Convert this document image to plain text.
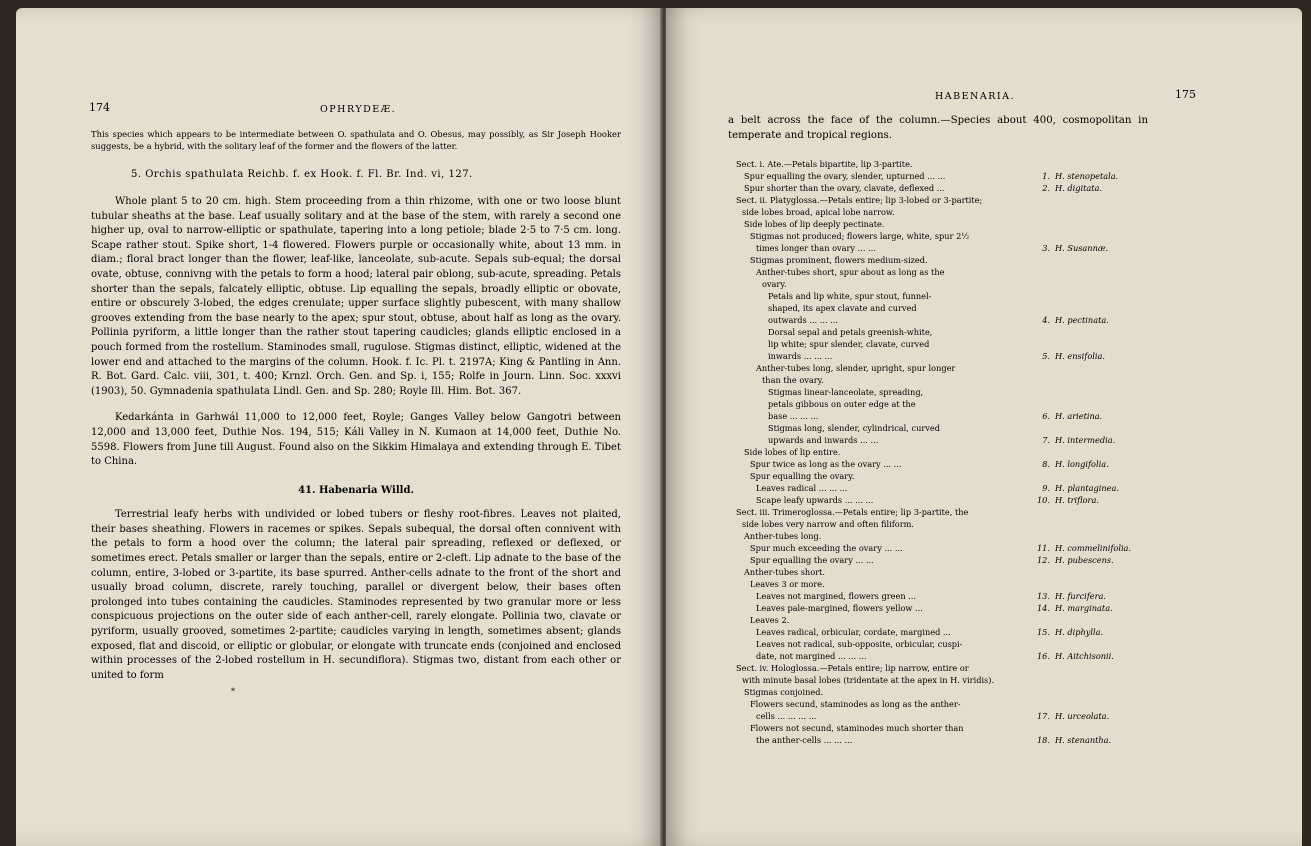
174	OPHRYDEÆ.

This species which appears to be intermediate between O. spathulata and O. Obesus, may possibly, as Sir Joseph Hooker suggests, be a hybrid, with the solitary leaf of the former and the flowers of the latter.

5. Orchis spathulata Reichb. f. ex Hook. f. Fl. Br. Ind. vi, 127.

Whole plant 5 to 20 cm. high. Stem proceeding from a thin rhizome, with one or two loose blunt tubular sheaths at the base. Leaf usually solitary and at the base of the stem, with rarely a second one higher up, oval to narrow-elliptic or spathulate, tapering into a long petiole; blade 2·5 to 7·5 cm. long. Scape rather stout. Spike short, 1-4 flowered. Flowers purple or occasionally white, about 13 mm. in diam.; floral bract longer than the flower, leaf-like, lanceolate, sub-acute. Sepals sub-equal; the dorsal ovate, obtuse, connivng with the petals to form a hood; lateral pair oblong, sub-acute, spreading. Petals shorter than the sepals, falcately elliptic, obtuse. Lip equalling the sepals, broadly elliptic or obovate, entire or obscurely 3-lobed, the edges crenulate; upper surface slightly pubescent, with many shallow grooves extending from the base nearly to the apex; spur stout, obtuse, about half as long as the ovary. Pollinia pyriform, a little longer than the rather stout tapering caudicles; glands elliptic enclosed in a pouch formed from the rostellum. Staminodes small, rugulose. Stigmas distinct, elliptic, widened at the lower end and attached to the margins of the column. Hook. f. Ic. Pl. t. 2197A; King & Pantling in Ann. R. Bot. Gard. Calc. viii, 301, t. 400; Krnzl. Orch. Gen. and Sp. i, 155; Rolfe in Journ. Linn. Soc. xxxvi (1903), 50. Gymnadenia spathulata Lindl. Gen. and Sp. 280; Royle Ill. Him. Bot. 367.

Kedarkánta in Garhwál 11,000 to 12,000 feet, Royle; Ganges Valley below Gangotri between 12,000 and 13,000 feet, Duthie Nos. 194, 515; Káli Valley in N. Kumaon at 14,000 feet, Duthie No. 5598. Flowers from June till August. Found also on the Sikkim Himalaya and extending through E. Tibet to China.

41. Habenaria Willd.

Terrestrial leafy herbs with undivided or lobed tubers or fleshy root-fibres. Leaves not plaited, their bases sheathing. Flowers in racemes or spikes. Sepals subequal, the dorsal often connivent with the petals to form a hood over the column; the lateral pair spreading, reflexed or deflexed, or sometimes erect. Petals smaller or larger than the sepals, entire or 2-cleft. Lip adnate to the base of the column, entire, 3-lobed or 3-partite, its base spurred. Anther-cells adnate to the front of the short and usually broad column, discrete, rarely touching, parallel or divergent below, their bases often prolonged into tubes containing the caudicles. Staminodes represented by two granular more or less conspicuous projections on the outer side of each anther-cell, rarely elongate. Pollinia two, clavate or pyriform, usually grooved, sometimes 2-partite; caudicles varying in length, sometimes absent; glands exposed, flat and discoid, or elliptic or globular, or elongate with truncate ends (conjoined and enclosed within processes of the 2-lobed rostellum in H. secundiflora). Stigmas two, distant from each other or united to form

*

HABENARIA.	175

a belt across the face of the column.—Species about 400, cosmopolitan in temperate and tropical regions.

Sect. i. Ate.—Petals bipartite, lip 3-partite.
Spur equalling the ovary, slender, upturned ... ...	1. H. stenopetala.
Spur shorter than the ovary, clavate, deflexed ...	2. H. digitata.
Sect. ii. Platyglossa.—Petals entire; lip 3-lobed or 3-partite;
side lobes broad, apical lobe narrow.
Side lobes of lip deeply pectinate.
Stigmas not produced; flowers large, white, spur 2½
times longer than ovary ... ...	3. H. Susannæ.
Stigmas prominent, flowers medium-sized.
Anther-tubes short, spur about as long as the
ovary.
Petals and lip white, spur stout, funnel-
shaped, its apex clavate and curved
outwards ... ... ...	4. H. pectinata.
Dorsal sepal and petals greenish-white,
lip white; spur slender, clavate, curved
inwards ... ... ...	5. H. ensifolia.
Anther-tubes long, slender, upright, spur longer
than the ovary.
Stigmas linear-lanceolate, spreading,
petals gibbous on outer edge at the
base ... ... ...	6. H. arietina.
Stigmas long, slender, cylindrical, curved
upwards and inwards ... ...	7. H. intermedia.
Side lobes of lip entire.
Spur twice as long as the ovary ... ...	8. H. longifolia.
Spur equalling the ovary.
Leaves radical ... ... ...	9. H. plantaginea.
Scape leafy upwards ... ... ...	10. H. triflora.
Sect. iii. Trimeroglossa.—Petals entire; lip 3-partite, the
side lobes very narrow and often filiform.
Anther-tubes long.
Spur much exceeding the ovary ... ...	11. H. commelinifolia.
Spur equalling the ovary ... ...	12. H. pubescens.
Anther-tubes short.
Leaves 3 or more.
Leaves not margined, flowers green ...	13. H. furcifera.
Leaves pale-margined, flowers yellow ...	14. H. marginata.
Leaves 2.
Leaves radical, orbicular, cordate, margined ...	15. H. diphylla.
Leaves not radical, sub-opposite, orbicular, cuspi-
date, not margined ... ... ...	16. H. Aitchisonii.
Sect. iv. Hologlossa.—Petals entire; lip narrow, entire or
with minute basal lobes (tridentate at the apex in H. viridis).
Stigmas conjoined.
Flowers secund, staminodes as long as the anther-
cells ... ... ... ...	17. H. urceolata.
Flowers not secund, staminodes much shorter than
the anther-cells ... ... ...	18. H. stenantha.
